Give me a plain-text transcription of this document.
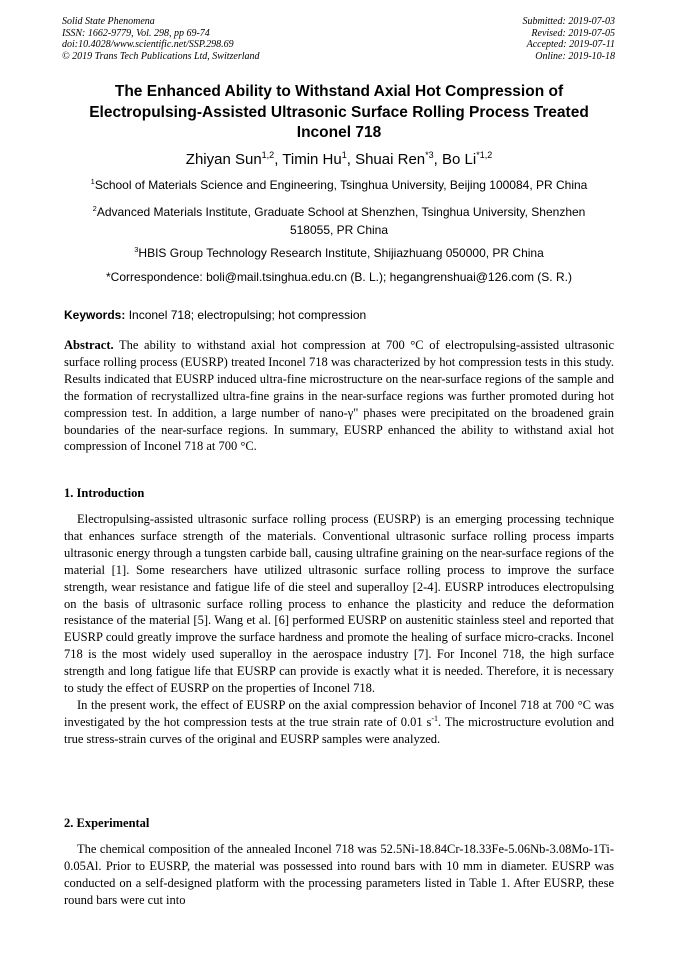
Solid State Phenomena
ISSN: 1662-9779, Vol. 298, pp 69-74
doi:10.4028/www.scientific.net/SSP.298.69
© 2019 Trans Tech Publications Ltd, Switzerland
Submitted: 2019-07-03
Revised: 2019-07-05
Accepted: 2019-07-11
Online: 2019-10-18
The Enhanced Ability to Withstand Axial Hot Compression of
Electropulsing-Assisted Ultrasonic Surface Rolling Process Treated
Inconel 718
Zhiyan Sun$^{1,2}$, Timin Hu$^1$, Shuai Ren$^{*3}$, Bo Li$^{*1,2}$
$^1$School of Materials Science and Engineering, Tsinghua University, Beijing 100084, PR China
$^2$Advanced Materials Institute, Graduate School at Shenzhen, Tsinghua University, Shenzhen
518055, PR China
$^3$HBIS Group Technology Research Institute, Shijiazhuang 050000, PR China
*Correspondence: boli@mail.tsinghua.edu.cn (B. L.); hegangrenshuai@126.com (S. R.)
Keywords: Inconel 718; electropulsing; hot compression

Abstract. The ability to withstand axial hot compression at 700 °C of electropulsing-assisted ultrasonic surface rolling process (EUSRP) treated Inconel 718 was characterized by hot compression tests in this study. Results indicated that EUSRP induced ultra-fine microstructure on the near-surface regions of the sample and the formation of recrystallized ultra-fine grains in the near-surface regions was further promoted during hot compression test. In addition, a large number of nano-γ" phases were precipitated on the broadened grain boundaries of the near-surface regions. In summary, EUSRP enhanced the ability to withstand axial hot compression of Inconel 718 at 700 °C.

1. Introduction

Electropulsing-assisted ultrasonic surface rolling process (EUSRP) is an emerging processing technique that enhances surface strength of the materials. Conventional ultrasonic surface rolling process imparts ultrasonic energy through a tungsten carbide ball, causing ultrafine graining on the near-surface regions of the material [1]. Some researchers have utilized ultrasonic surface rolling process to improve the surface strength, wear resistance and fatigue life of die steel and superalloy [2-4]. EUSRP introduces electropulsing on the basis of ultrasonic surface rolling process to enhance the plasticity and reduce the deformation resistance of the material [5]. Wang et al. [6] performed EUSRP on austenitic stainless steel and reported that EUSRP could greatly improve the surface hardness and promote the healing of surface micro-cracks. Inconel 718 is the most widely used superalloy in the aerospace industry [7]. For Inconel 718, the high surface strength and long fatigue life that EUSRP can provide is exactly what it is needed. Therefore, it is necessary to study the effect of EUSRP on the properties of Inconel 718.

In the present work, the effect of EUSRP on the axial compression behavior of Inconel 718 at 700 °C was investigated by the hot compression tests at the true strain rate of 0.01 $s^{-1}$. The microstructure evolution and true stress-strain curves of the original and EUSRP samples were analyzed.

2. Experimental

The chemical composition of the annealed Inconel 718 was 52.5Ni-18.84Cr-18.33Fe-5.06Nb-3.08Mo-1Ti-0.05Al. Prior to EUSRP, the material was possessed into round bars with 10 mm in diameter. EUSRP was conducted on a self-designed platform with the processing parameters listed in Table 1. After EUSRP, these round bars were cut into
